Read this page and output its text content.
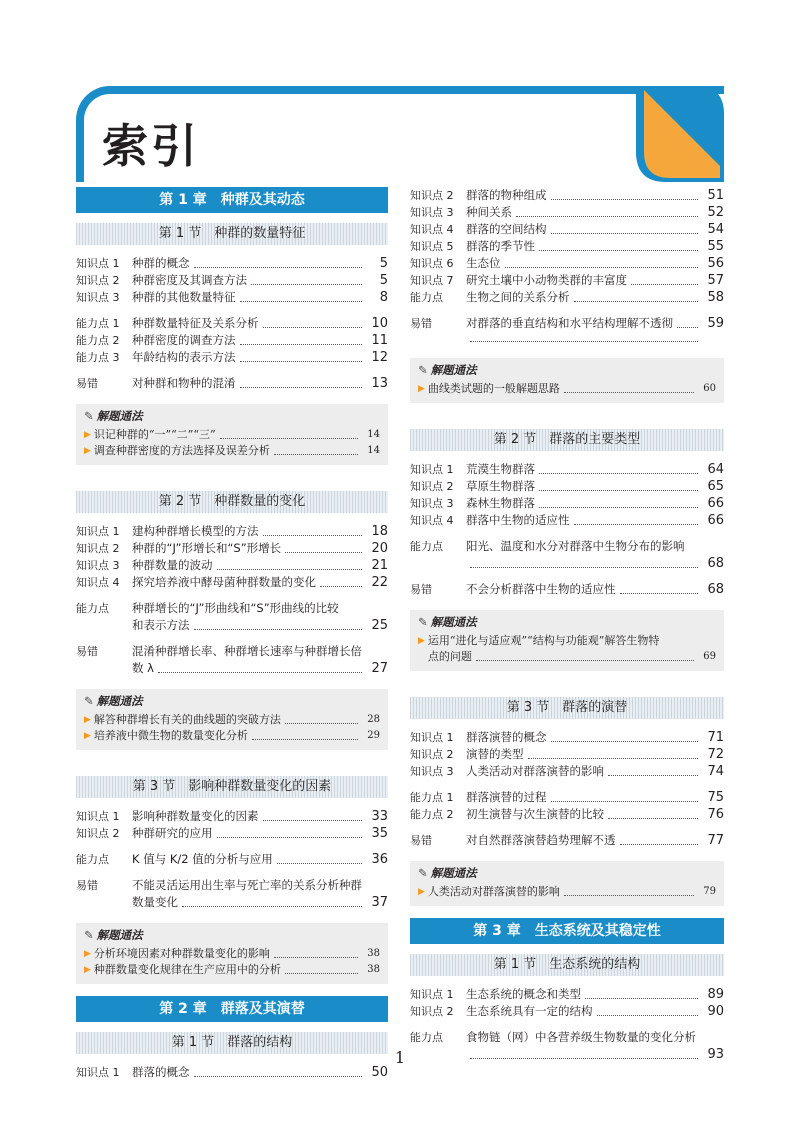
索引
第 1 章　种群及其动态
第 1 节　种群的数量特征
知识点 1	种群的概念	5
知识点 2	种群密度及其调查方法	5
知识点 3	种群的其他数量特征	8
能力点 1	种群数量特征及关系分析	10
能力点 2	种群密度的调查方法	11
能力点 3	年龄结构的表示方法	12
易错	对种群和物种的混淆	13
✎ 解题通法
▶ 识记种群的“一”“二”“三”	14
▶ 调查种群密度的方法选择及误差分析	14
第 2 节　种群数量的变化
知识点 1	建构种群增长模型的方法	18
知识点 2	种群的“J”形增长和“S”形增长	20
知识点 3	种群数量的波动	21
知识点 4	探究培养液中酵母菌种群数量的变化	22
能力点	种群增长的“J”形曲线和“S”形曲线的比较
和表示方法	25
易错	混淆种群增长率、种群增长速率与种群增长倍
数 λ	27
✎ 解题通法
▶ 解答种群增长有关的曲线题的突破方法	28
▶ 培养液中微生物的数量变化分析	29
第 3 节　影响种群数量变化的因素
知识点 1	影响种群数量变化的因素	33
知识点 2	种群研究的应用	35
能力点	K 值与 K/2 值的分析与应用	36
易错	不能灵活运用出生率与死亡率的关系分析种群
数量变化	37
✎ 解题通法
▶ 分析环境因素对种群数量变化的影响	38
▶ 种群数量变化规律在生产应用中的分析	38
第 2 章　群落及其演替
第 1 节　群落的结构
知识点 1	群落的概念	50
知识点 2	群落的物种组成	51
知识点 3	种间关系	52
知识点 4	群落的空间结构	54
知识点 5	群落的季节性	55
知识点 6	生态位	56
知识点 7	研究土壤中小动物类群的丰富度	57
能力点	生物之间的关系分析	58
易错	对群落的垂直结构和水平结构理解不透彻	59
✎ 解题通法
▶ 曲线类试题的一般解题思路	60
第 2 节　群落的主要类型
知识点 1	荒漠生物群落	64
知识点 2	草原生物群落	65
知识点 3	森林生物群落	66
知识点 4	群落中生物的适应性	66
能力点	阳光、温度和水分对群落中生物分布的影响
68
易错	不会分析群落中生物的适应性	68
✎ 解题通法
▶ 运用“进化与适应观”“结构与功能观”解答生物特
点的问题	69
第 3 节　群落的演替
知识点 1	群落演替的概念	71
知识点 2	演替的类型	72
知识点 3	人类活动对群落演替的影响	74
能力点 1	群落演替的过程	75
能力点 2	初生演替与次生演替的比较	76
易错	对自然群落演替趋势理解不透	77
✎ 解题通法
▶ 人类活动对群落演替的影响	79
第 3 章　生态系统及其稳定性
第 1 节　生态系统的结构
知识点 1	生态系统的概念和类型	89
知识点 2	生态系统具有一定的结构	90
能力点	食物链（网）中各营养级生物数量的变化分析
93
1
